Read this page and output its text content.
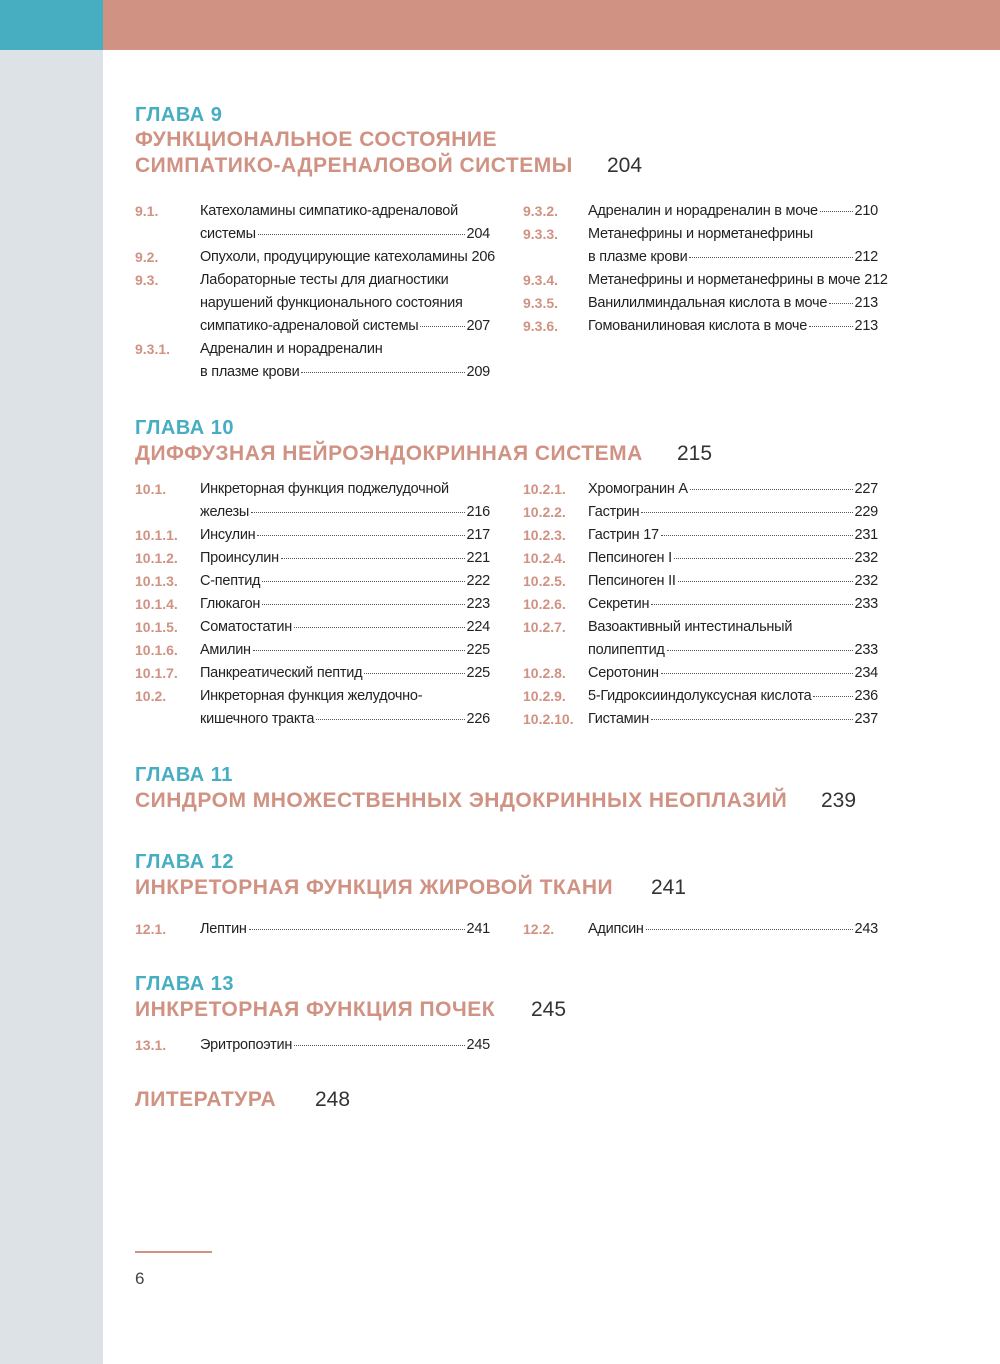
ГЛАВА 9
ФУНКЦИОНАЛЬНОЕ СОСТОЯНИЕ
СИМПАТИКО-АДРЕНАЛОВОЙ СИСТЕМЫ 204
9.1.	Катехоламины симпатико-адреналовой
системы	204
9.2.	Опухоли, продуцирующие катехоламины 206
9.3.	Лабораторные тесты для диагностики
нарушений функционального состояния
симпатико-адреналовой системы	207
9.3.1. Адреналин и норадреналин
в плазме крови	209
9.3.2. Адреналин и норадреналин в моче	210
9.3.3. Метанефрины и норметанефрины
в плазме крови	212
9.3.4. Метанефрины и норметанефрины в моче 212
9.3.5. Ванилилминдальная кислота в моче 213
9.3.6. Гомованилиновая кислота в моче	213
ГЛАВА 10
ДИФФУЗНАЯ НЕЙРОЭНДОКРИННАЯ СИСТЕМА 215
10.1. Инкреторная функция поджелудочной
железы	216
10.1.1. Инсулин	217
10.1.2. Проинсулин	221
10.1.3. С-пептид	222
10.1.4. Глюкагон	223
10.1.5. Соматостатин	224
10.1.6. Амилин	225
10.1.7. Панкреатический пептид	225
10.2. Инкреторная функция желудочно-
кишечного тракта	226
10.2.1. Хромогранин А	227
10.2.2. Гастрин	229
10.2.3. Гастрин 17	231
10.2.4. Пепсиноген I	232
10.2.5. Пепсиноген II	232
10.2.6. Секретин	233
10.2.7. Вазоактивный интестинальный
полипептид	233
10.2.8. Серотонин	234
10.2.9. 5-Гидроксииндолуксусная кислота	236
10.2.10. Гистамин	237
ГЛАВА 11
СИНДРОМ МНОЖЕСТВЕННЫХ ЭНДОКРИННЫХ НЕОПЛАЗИЙ 239
ГЛАВА 12
ИНКРЕТОРНАЯ ФУНКЦИЯ ЖИРОВОЙ ТКАНИ 241
12.1. Лептин	241 12.2. Адипсин	243
ГЛАВА 13
ИНКРЕТОРНАЯ ФУНКЦИЯ ПОЧЕК 245
13.1. Эритропоэтин	245
ЛИТЕРАТУРА 248
6
